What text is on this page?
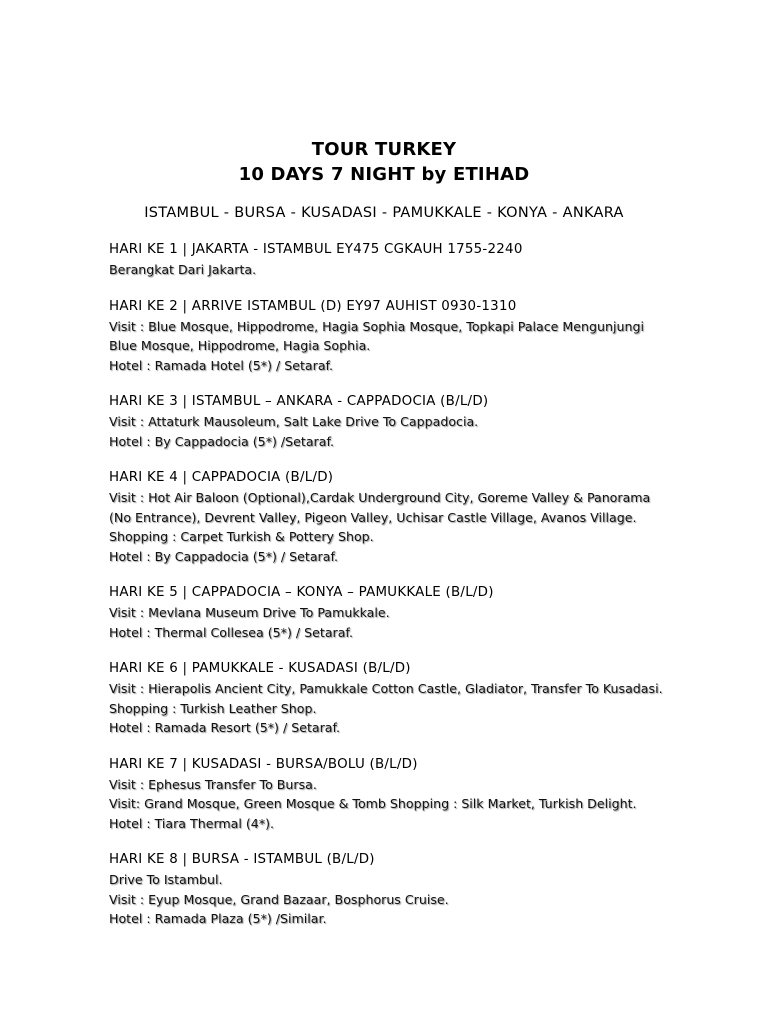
TOUR TURKEY
10 DAYS 7 NIGHT by ETIHAD
ISTAMBUL - BURSA - KUSADASI - PAMUKKALE - KONYA - ANKARA
HARI KE 1 | JAKARTA - ISTAMBUL EY475 CGKAUH 1755-2240
Berangkat Dari Jakarta.
HARI KE 2 | ARRIVE ISTAMBUL (D) EY97 AUHIST 0930-1310
Visit : Blue Mosque, Hippodrome, Hagia Sophia Mosque, Topkapi Palace Mengunjungi
Blue Mosque, Hippodrome, Hagia Sophia.
Hotel : Ramada Hotel (5*) / Setaraf.
HARI KE 3 | ISTAMBUL – ANKARA - CAPPADOCIA (B/L/D)
Visit : Attaturk Mausoleum, Salt Lake Drive To Cappadocia.
Hotel : By Cappadocia (5*) /Setaraf.
HARI KE 4 | CAPPADOCIA (B/L/D)
Visit : Hot Air Baloon (Optional),Cardak Underground City, Goreme Valley & Panorama
(No Entrance), Devrent Valley, Pigeon Valley, Uchisar Castle Village, Avanos Village.
Shopping : Carpet Turkish & Pottery Shop.
Hotel : By Cappadocia (5*) / Setaraf.
HARI KE 5 | CAPPADOCIA – KONYA – PAMUKKALE (B/L/D)
Visit : Mevlana Museum Drive To Pamukkale.
Hotel : Thermal Collesea (5*) / Setaraf.
HARI KE 6 | PAMUKKALE - KUSADASI (B/L/D)
Visit : Hierapolis Ancient City, Pamukkale Cotton Castle, Gladiator, Transfer To Kusadasi.
Shopping : Turkish Leather Shop.
Hotel : Ramada Resort (5*) / Setaraf.
HARI KE 7 | KUSADASI - BURSA/BOLU (B/L/D)
Visit : Ephesus Transfer To Bursa.
Visit: Grand Mosque, Green Mosque & Tomb Shopping : Silk Market, Turkish Delight.
Hotel : Tiara Thermal (4*).
HARI KE 8 | BURSA - ISTAMBUL (B/L/D)
Drive To Istambul.
Visit : Eyup Mosque, Grand Bazaar, Bosphorus Cruise.
Hotel : Ramada Plaza (5*) /Similar.
